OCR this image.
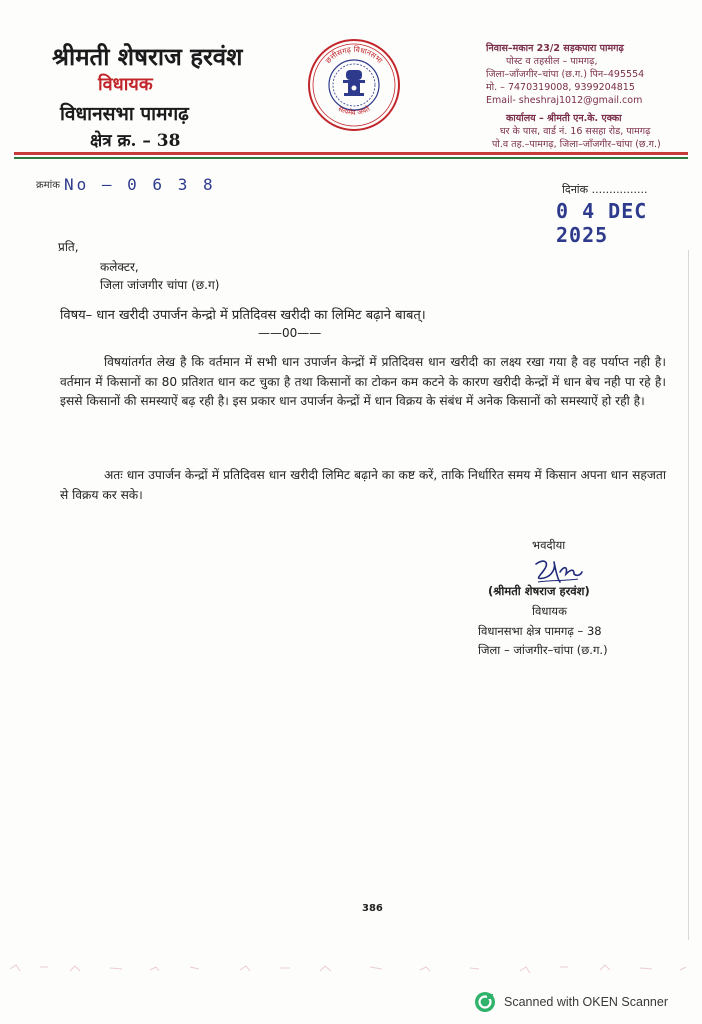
श्रीमती शेषराज हरवंश
विधायक
विधानसभा पामगढ़
क्षेत्र क्र. – 38
छत्तीसगढ़ विधानसभा
सत्यमेव जयते
निवास–मकान 23/2 सड़कपारा पामगढ़
पोस्ट व तहसील – पामगढ़,
जिला–जाँजगीर–चांपा (छ.ग.) पिन–495554
मो. – 7470319008, 9399204815
Email- sheshraj1012@gmail.com
कार्यालय – श्रीमती एन.के. एक्का
घर के पास, वार्ड नं. 16 ससहा रोड, पामगढ़
पो.व तह.–पामगढ़, जिला–जाँजगीर–चांपा (छ.ग.)
क्रमांक No — 0 6 3 8	दिनांक ................
0 4 DEC 2025
प्रति,
कलेक्टर,
जिला जांजगीर चांपा (छ.ग)
विषय– धान खरीदी उपार्जन केन्द्रो में प्रतिदिवस खरीदी का लिमिट बढ़ाने बाबत्।
——00——
विषयांतर्गत लेख है कि वर्तमान में सभी धान उपार्जन केन्द्रों में प्रतिदिवस धान खरीदी का लक्ष्य रखा गया है वह पर्याप्त नही है। वर्तमान में किसानों का 80 प्रतिशत धान कट चुका है तथा किसानों का टोकन कम कटने के कारण खरीदी केन्द्रों में धान बेच नही पा रहे है। इससे किसानों की समस्याऐं बढ़ रही है। इस प्रकार धान उपार्जन केन्द्रों में धान विक्रय के संबंध में अनेक किसानों को समस्याऐं हो रही है।
अतः धान उपार्जन केन्द्रों में प्रतिदिवस धान खरीदी लिमिट बढ़ाने का कष्ट करें, ताकि निर्धारित समय में किसान अपना धान सहजता से विक्रय कर सके।
भवदीया
(श्रीमती शेषराज हरवंश)
विधायक
विधानसभा क्षेत्र पामगढ़ – 38
जिला – जांजगीर–चांपा (छ.ग.)
386
Scanned with OKEN Scanner
